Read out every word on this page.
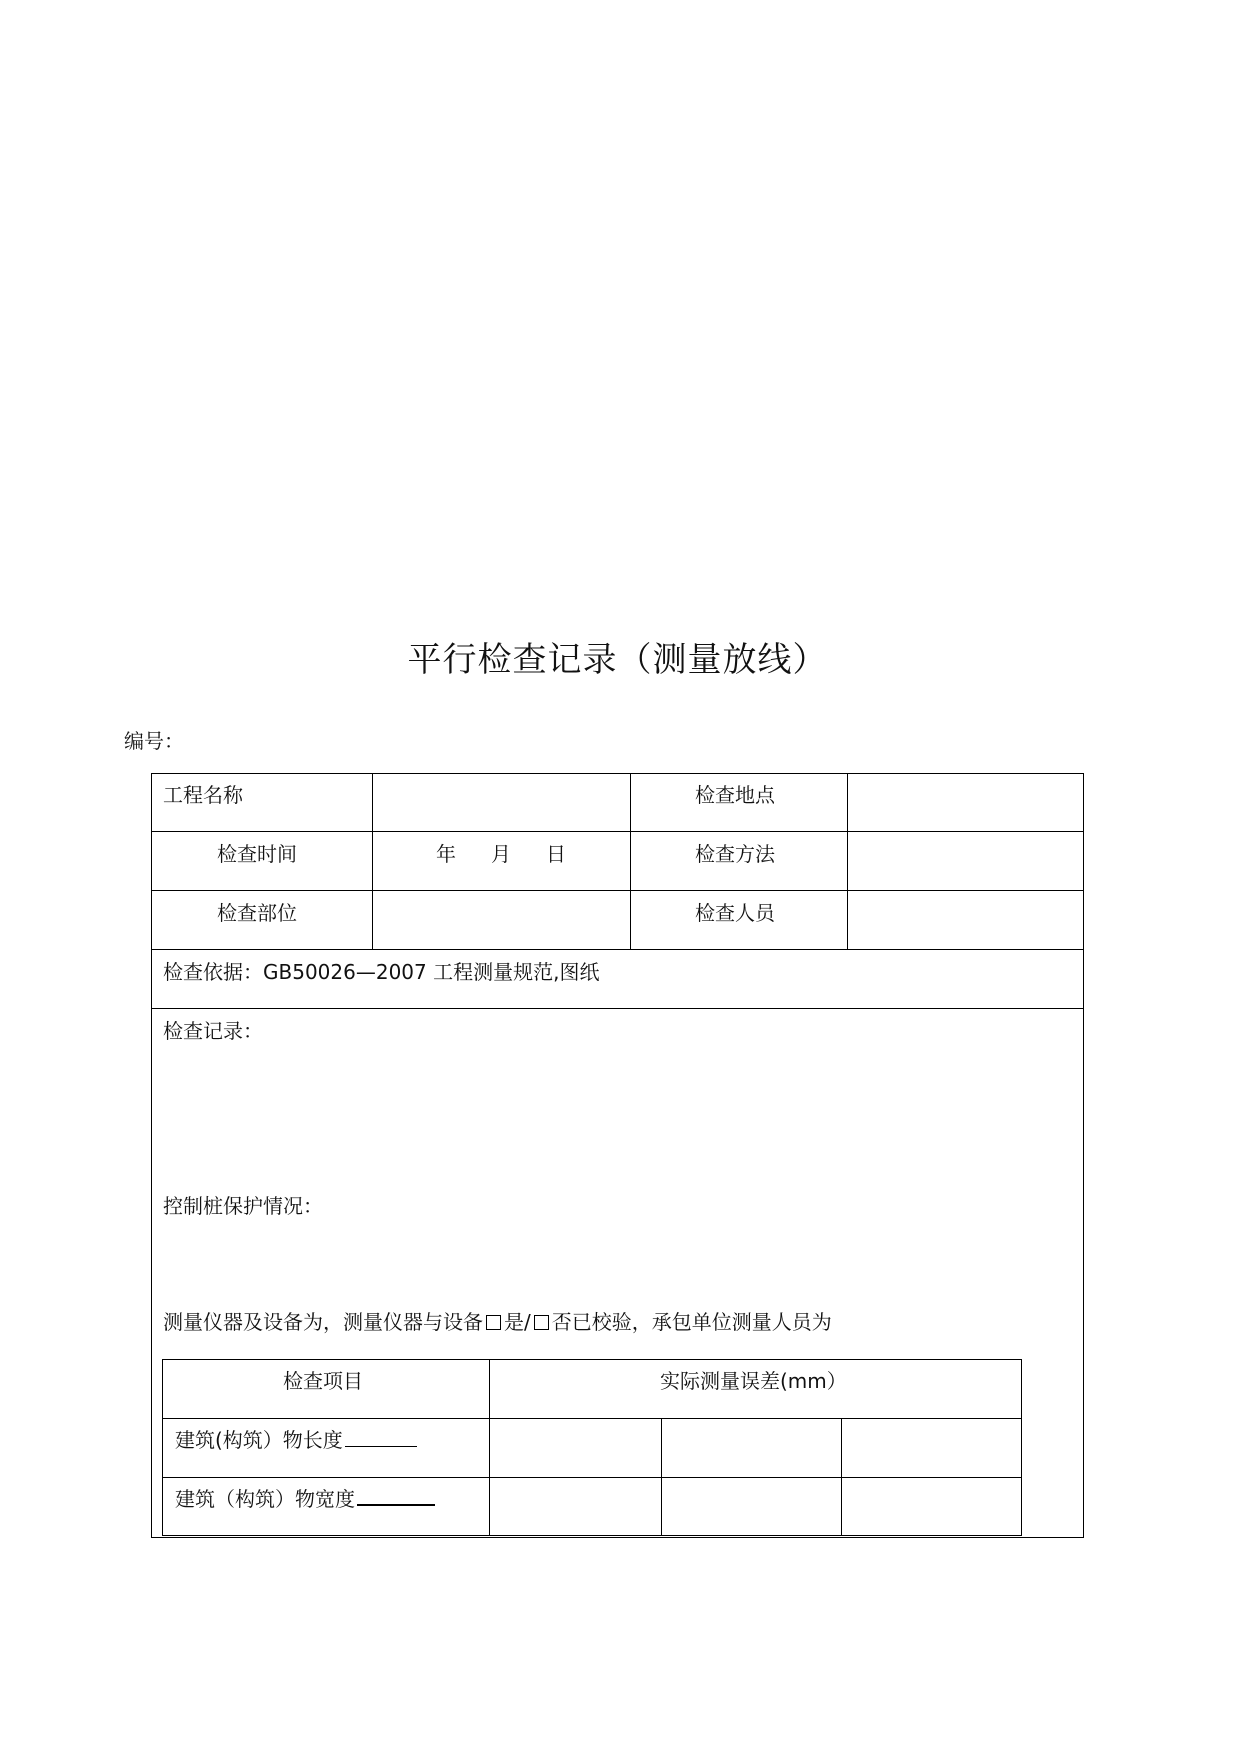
平行检查记录（测量放线）
编号：
工程名称	检查地点
检查时间	年 月 日	检查方法
检查部位	检查人员
检查依据：GB50026—2007 工程测量规范,图纸
检查记录：
控制桩保护情况：
测量仪器及设备为，测量仪器与设备 是/ 否已校验，承包单位测量人员为
检查项目	实际测量误差(mm）
建筑(构筑）物长度
建筑（构筑）物宽度
